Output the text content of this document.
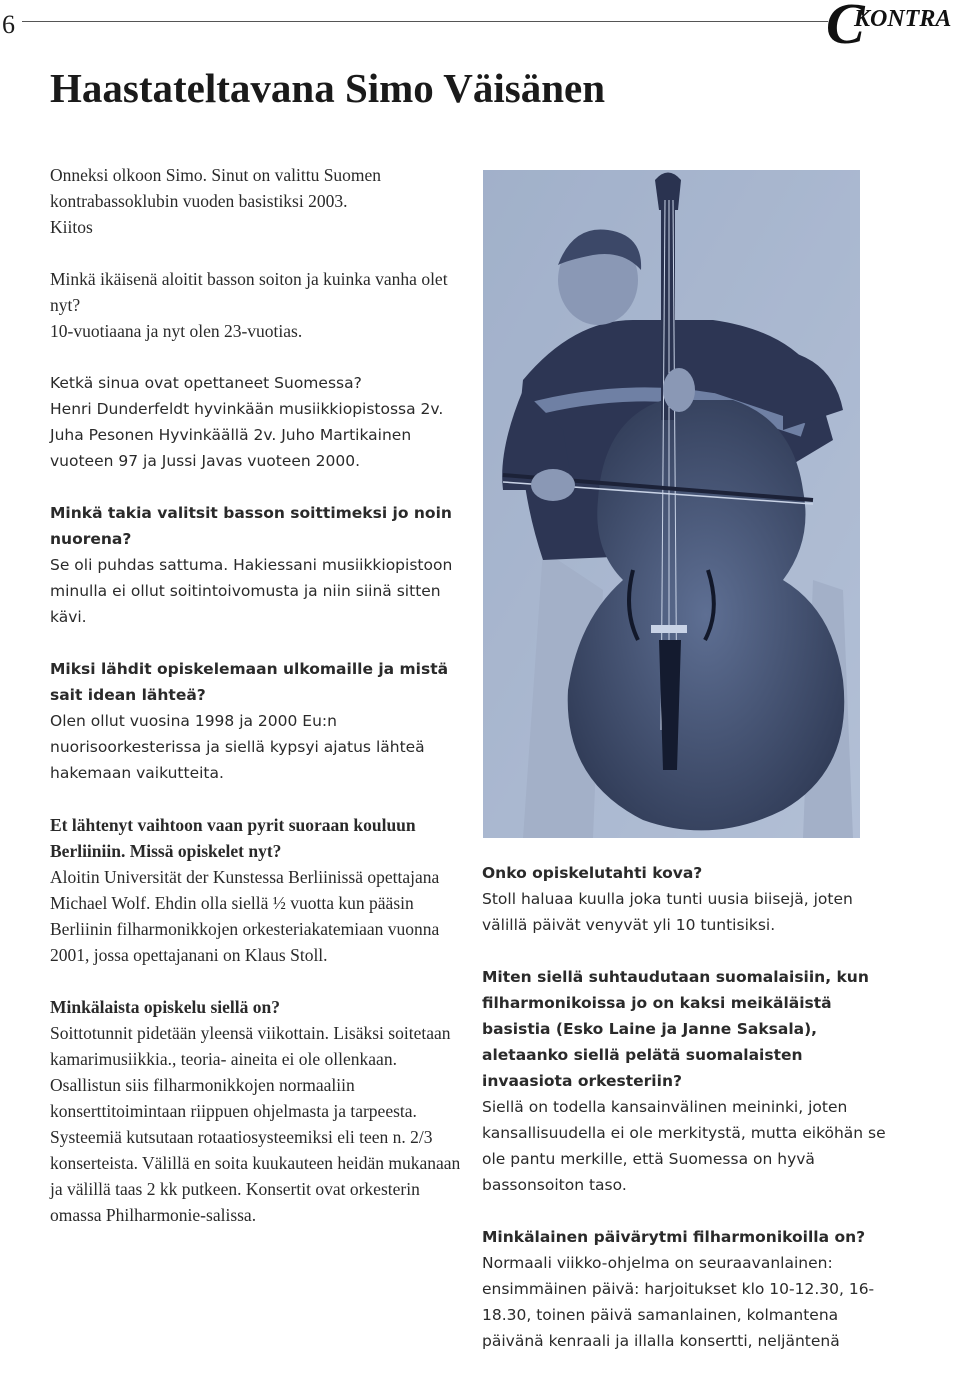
6	C
KONTRA
Haastateltavana Simo Väisänen
Onneksi olkoon Simo. Sinut on valittu Suomen kontrabassoklubin vuoden basistiksi 2003.
Kiitos
Minkä ikäisenä aloitit basson soiton ja kuinka vanha olet nyt?
10-vuotiaana ja nyt olen 23-vuotias.
Ketkä sinua ovat opettaneet Suomessa?
Henri Dunderfeldt hyvinkään musiikkiopistossa 2v. Juha Pesonen Hyvinkäällä 2v. Juho Martikainen vuoteen 97 ja Jussi Javas vuoteen 2000.
Minkä takia valitsit basson soittimeksi jo noin nuorena?
Se oli puhdas sattuma. Hakiessani musiikkiopistoon minulla ei ollut soitintoivomusta ja niin siinä sitten kävi.
Miksi lähdit opiskelemaan ulkomaille ja mistä sait idean lähteä?
Olen ollut vuosina 1998 ja 2000 Eu:n nuorisoorkesterissa ja siellä kypsyi ajatus lähteä hakemaan vaikutteita.
Et lähtenyt vaihtoon vaan pyrit suoraan kouluun Berliiniin. Missä opiskelet nyt?
Aloitin Universität der Kunstessa Berliinissä opettajana Michael Wolf. Ehdin olla siellä ½ vuotta kun pääsin Berliinin filharmonikkojen orkesteriakatemiaan vuonna 2001, jossa opettajanani on Klaus Stoll.
Minkälaista opiskelu siellä on?
Soittotunnit pidetään yleensä viikottain. Lisäksi soitetaan kamarimusiikkia., teoria- aineita ei ole ollenkaan. Osallistun siis filharmonikkojen normaaliin konserttitoimintaan riippuen ohjelmasta ja tarpeesta. Systeemiä kutsutaan rotaatiosysteemiksi eli teen n. 2/3 konserteista. Välillä en soita kuukauteen heidän mukanaan ja välillä taas 2 kk putkeen. Konsertit ovat orkesterin omassa Philharmonie-salissa.
Onko opiskelutahti kova?
Stoll haluaa kuulla joka tunti uusia biisejä, joten välillä päivät venyvät yli 10 tuntisiksi.
Miten siellä suhtaudutaan suomalaisiin, kun filharmonikoissa jo on kaksi meikäläistä basistia (Esko Laine ja Janne Saksala), aletaanko siellä pelätä suomalaisten invaasiota orkesteriin?
Siellä on todella kansainvälinen meininki, joten kansallisuudella ei ole merkitystä, mutta eiköhän se ole pantu merkille, että Suomessa on hyvä bassonsoiton taso.
Minkälainen päivärytmi filharmonikoilla on?
Normaali viikko-ohjelma on seuraavanlainen: ensimmäinen päivä: harjoitukset klo 10-12.30, 16-18.30, toinen päivä samanlainen, kolmantena päivänä kenraali ja illalla konsertti, neljäntenä
